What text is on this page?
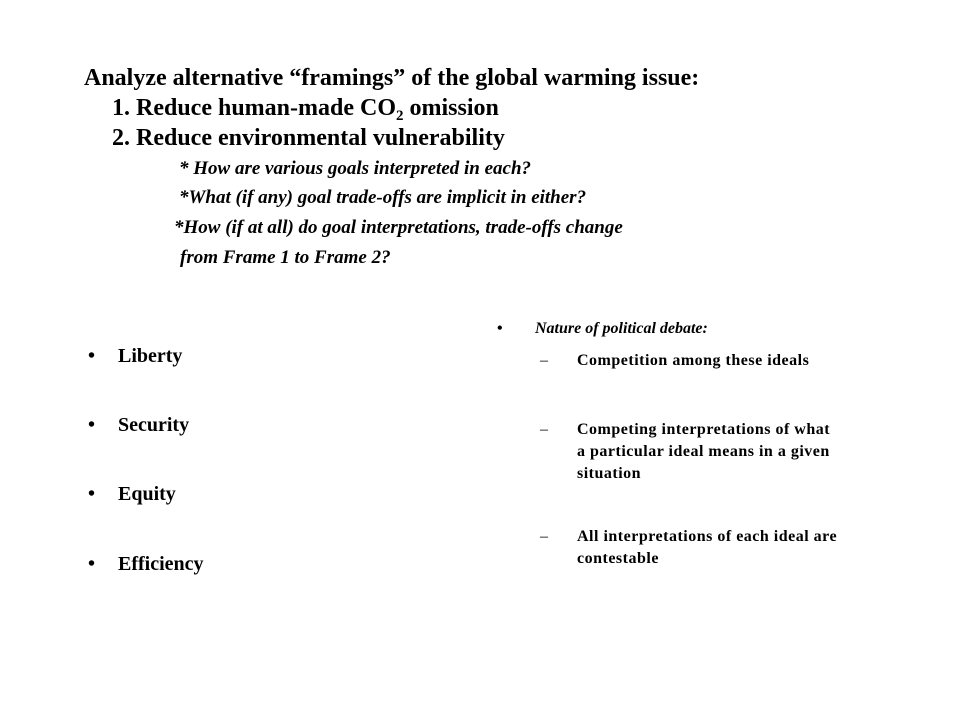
Analyze alternative “framings” of the global warming issue:
1. Reduce human-made $CO_2$ omission
2. Reduce environmental vulnerability
* How are various goals interpreted in each?
*What (if any) goal trade-offs are implicit in either?
*How (if at all) do goal interpretations, trade-offs change
from Frame 1 to Frame 2?
• Liberty
• Security
• Equity
• Efficiency
• Nature of political debate:
– Competition among these ideals
– Competing interpretations of what a particular ideal means in a given situation
– All interpretations of each ideal are contestable
